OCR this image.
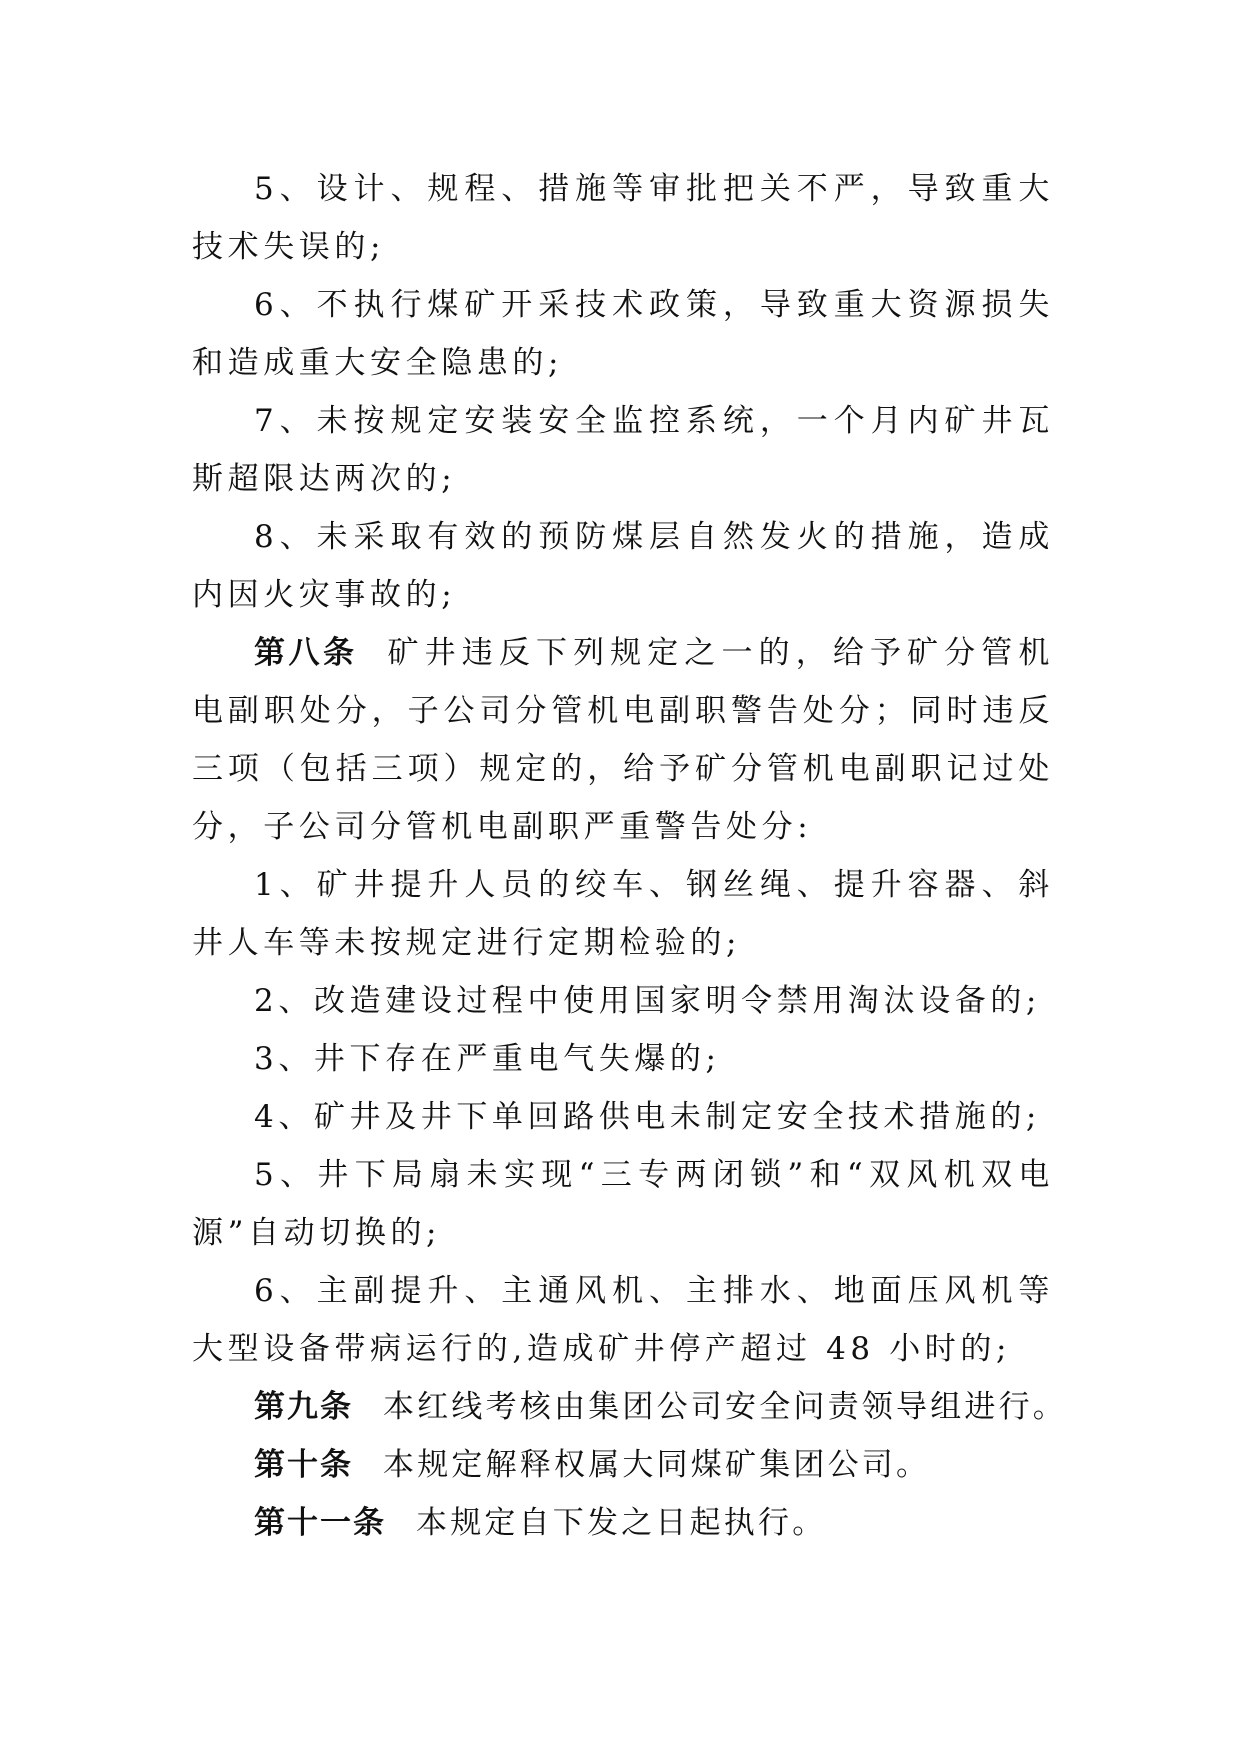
5、设计、规程、措施等审批把关不严，导致重大技术失误的;

6、不执行煤矿开采技术政策，导致重大资源损失和造成重大安全隐患的;

7、未按规定安装安全监控系统，一个月内矿井瓦斯超限达两次的;

8、未采取有效的预防煤层自然发火的措施，造成内因火灾事故的;

第八条 矿井违反下列规定之一的，给予矿分管机电副职处分，子公司分管机电副职警告处分；同时违反三项（包括三项）规定的，给予矿分管机电副职记过处分，子公司分管机电副职严重警告处分:

1、矿井提升人员的绞车、钢丝绳、提升容器、斜井人车等未按规定进行定期检验的;

2、改造建设过程中使用国家明令禁用淘汰设备的;

3、井下存在严重电气失爆的;

4、矿井及井下单回路供电未制定安全技术措施的;

5、井下局扇未实现“三专两闭锁”和“双风机双电源”自动切换的;

6、主副提升、主通风机、主排水、地面压风机等大型设备带病运行的,造成矿井停产超过 48 小时的;

第九条 本红线考核由集团公司安全问责领导组进行。

第十条 本规定解释权属大同煤矿集团公司。

第十一条 本规定自下发之日起执行。
